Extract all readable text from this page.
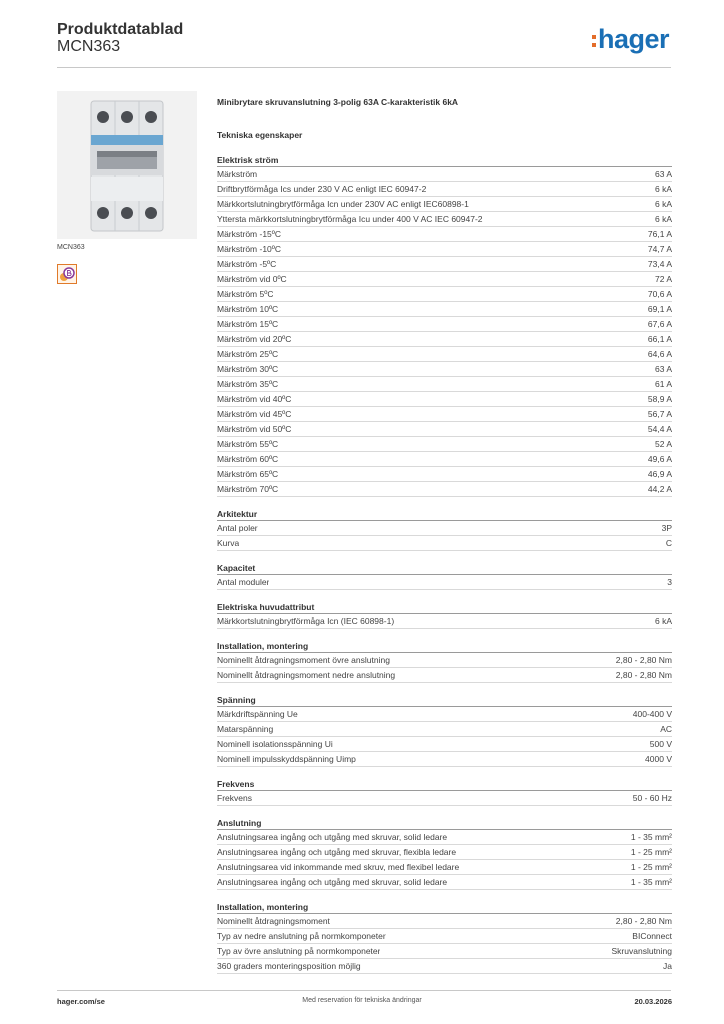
Produktdatablad
MCN363	hager
MCN363
Minibrytare skruvanslutning 3-polig 63A C-karakteristik 6kA
Tekniska egenskaper
Elektrisk ström
Märkström	63 A
Driftbrytförmåga Ics under 230 V AC enligt IEC 60947-2	6 kA
Märkkortslutningbrytförmåga Icn under 230V AC enligt IEC60898-1	6 kA
Yttersta märkkortslutningbrytförmåga Icu under 400 V AC IEC 60947-2	6 kA
Märkström -15ºC	76,1 A
Märkström -10ºC	74,7 A
Märkström -5ºC	73,4 A
Märkström vid 0ºC	72 A
Märkström 5ºC	70,6 A
Märkström 10ºC	69,1 A
Märkström 15ºC	67,6 A
Märkström vid 20ºC	66,1 A
Märkström 25ºC	64,6 A
Märkström 30ºC	63 A
Märkström 35ºC	61 A
Märkström vid 40ºC	58,9 A
Märkström vid 45ºC	56,7 A
Märkström vid 50ºC	54,4 A
Märkström 55ºC	52 A
Märkström 60ºC	49,6 A
Märkström 65ºC	46,9 A
Märkström 70ºC	44,2 A
Arkitektur
Antal poler	3P
Kurva	C
Kapacitet
Antal moduler	3
Elektriska huvudattribut
Märkkortslutningbrytförmåga Icn (IEC 60898-1)	6 kA
Installation, montering
Nominellt åtdragningsmoment övre anslutning	2,80 - 2,80 Nm
Nominellt åtdragningsmoment nedre anslutning	2,80 - 2,80 Nm
Spänning
Märkdriftspänning Ue	400-400 V
Matarspänning	AC
Nominell isolationsspänning Ui	500 V
Nominell impulsskyddspänning Uimp	4000 V
Frekvens
Frekvens	50 - 60 Hz
Anslutning
Anslutningsarea ingång och utgång med skruvar, solid ledare	1 - 35 mm²
Anslutningsarea ingång och utgång med skruvar, flexibla ledare	1 - 25 mm²
Anslutningsarea vid inkommande med skruv, med flexibel ledare	1 - 25 mm²
Anslutningsarea ingång och utgång med skruvar, solid ledare	1 - 35 mm²
Installation, montering
Nominellt åtdragningsmoment	2,80 - 2,80 Nm
Typ av nedre anslutning på normkomponeter	BIConnect
Typ av övre anslutning på normkomponeter	Skruvanslutning
360 graders monteringsposition möjlig	Ja
hager.com/se	Med reservation för tekniska ändringar	20.03.2026
